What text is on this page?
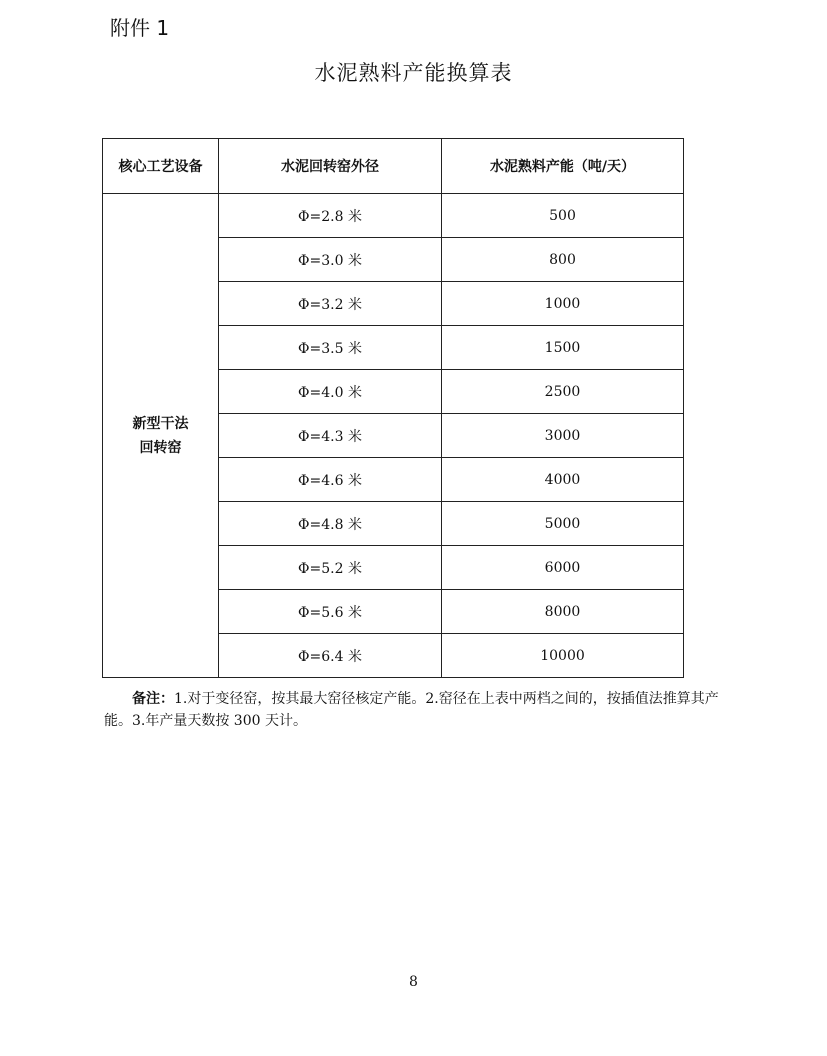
附件 1
水泥熟料产能换算表
核心工艺设备	水泥回转窑外径	水泥熟料产能（吨/天）

新型干法
回转窑	Φ=2.8 米	500
	Φ=3.0 米	800
	Φ=3.2 米	1000
	Φ=3.5 米	1500
	Φ=4.0 米	2500
	Φ=4.3 米	3000
	Φ=4.6 米	4000
	Φ=4.8 米	5000
	Φ=5.2 米	6000
	Φ=5.6 米	8000
	Φ=6.4 米	10000
备注：1.对于变径窑，按其最大窑径核定产能。2.窑径在上表中两档之间的，按插值法推算其产能。3.年产量天数按 300 天计。
8
